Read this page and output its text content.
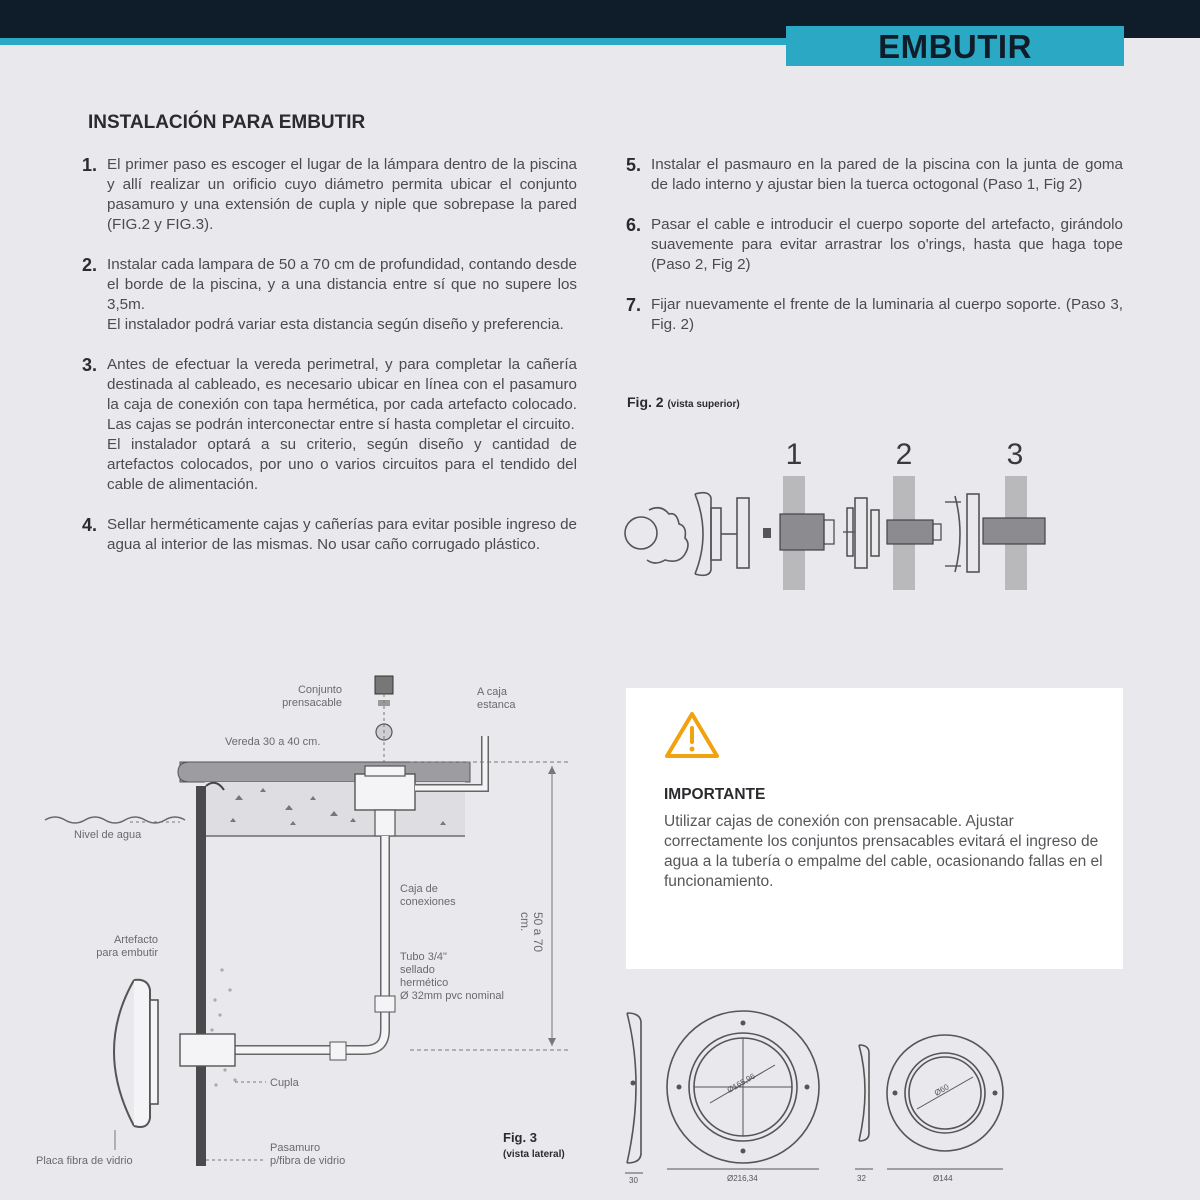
EMBUTIR
INSTALACIÓN PARA EMBUTIR
1. El primer paso es escoger el lugar de la lámpara dentro de la piscina y allí realizar un orificio cuyo diámetro permita ubicar el conjunto pasamuro y una extensión de cupla y niple que sobrepase la pared (FIG.2 y FIG.3).
2. Instalar cada lampara de 50 a 70 cm de profundidad, contando desde el borde de la piscina, y a una distancia entre sí que no supere los 3,5m.
El instalador podrá variar esta distancia según diseño y preferencia.
3. Antes de efectuar la vereda perimetral, y para completar la cañería destinada al cableado, es necesario ubicar en línea con el pasamuro la caja de conexión con tapa hermética, por cada artefacto colocado. Las cajas se podrán interconectar entre sí hasta completar el circuito.
El instalador optará a su criterio, según diseño y cantidad de artefactos colocados, por uno o varios circuitos para el tendido del cable de alimentación.
4. Sellar herméticamente cajas y cañerías para evitar posible ingreso de agua al interior de las mismas. No usar caño corrugado plástico.
5. Instalar el pasmauro en la pared de la piscina con la junta de goma de lado interno y ajustar bien la tuerca octogonal (Paso 1, Fig 2)
6. Pasar el cable e introducir el cuerpo soporte del artefacto, girándolo suavemente para evitar arrastrar los o'rings, hasta que haga tope (Paso 2, Fig 2)
7. Fijar nuevamente el frente de la luminaria al cuerpo soporte. (Paso 3, Fig. 2)
Fig. 2 (vista superior)
1	2	3
IMPORTANTE
Utilizar cajas de conexión con prensacable. Ajustar correctamente los conjuntos prensacables evitará el ingreso de agua a la tubería o empalme del cable, ocasionando fallas en el funcionamiento.
Conjunto
prensacable
A caja
estanca
Vereda 30 a 40 cm.
Nivel de agua
Caja de
conexiones
50 a 70 cm.
Artefacto
para embutir	Tubo 3/4"
sellado
hermético
Ø 32mm pvc nominal
Cupla
Placa fibra de vidrio
Pasamuro
p/fibra de vidrio
Fig. 3
(vista lateral)
Ø165,96
Ø216,34
30
Ø60
Ø144
32
